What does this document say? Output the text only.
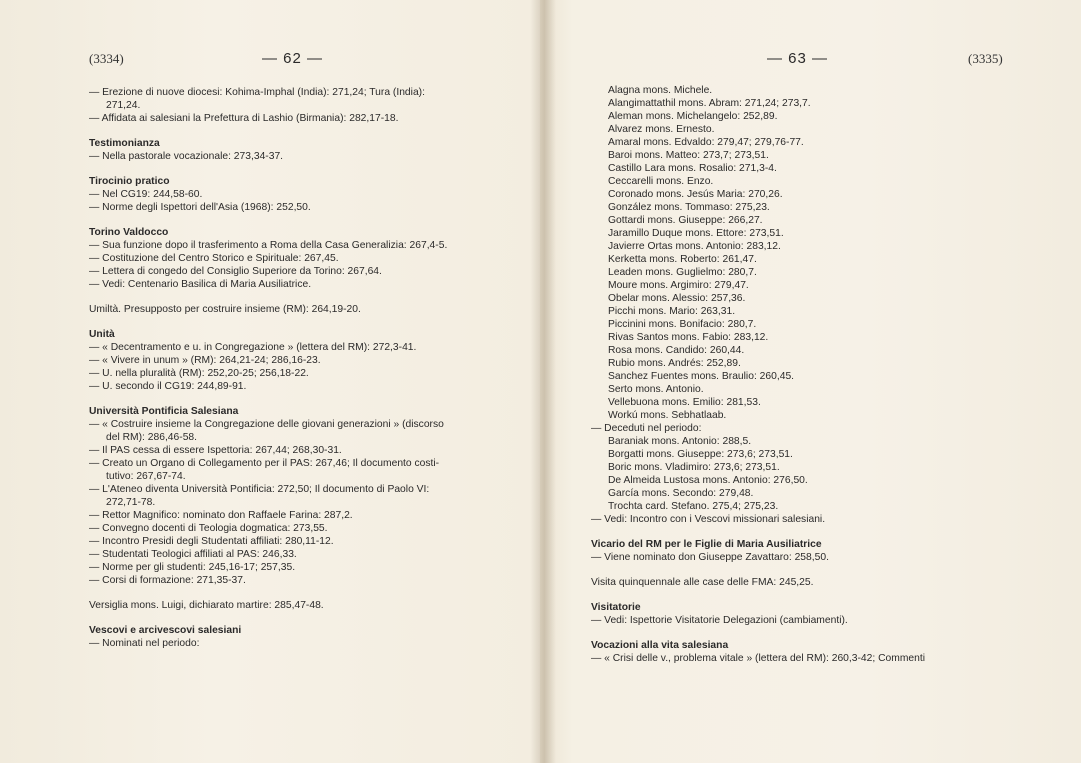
(3334)	— 62 —
— Erezione di nuove diocesi: Kohima-Imphal (India): 271,24; Tura (India):
271,24.
— Affidata ai salesiani la Prefettura di Lashio (Birmania): 282,17-18.
Testimonianza
— Nella pastorale vocazionale: 273,34-37.
Tirocinio pratico
— Nel CG19: 244,58-60.
— Norme degli Ispettori dell'Asia (1968): 252,50.
Torino Valdocco
— Sua funzione dopo il trasferimento a Roma della Casa Generalizia: 267,4-5.
— Costituzione del Centro Storico e Spirituale: 267,45.
— Lettera di congedo del Consiglio Superiore da Torino: 267,64.
— Vedi: Centenario Basilica di Maria Ausiliatrice.
Umiltà. Presupposto per costruire insieme (RM): 264,19-20.
Unità
— « Decentramento e u. in Congregazione » (lettera del RM): 272,3-41.
— « Vivere in unum » (RM): 264,21-24; 286,16-23.
— U. nella pluralità (RM): 252,20-25; 256,18-22.
— U. secondo il CG19: 244,89-91.
Università Pontificia Salesiana
— « Costruire insieme la Congregazione delle giovani generazioni » (discorso
del RM): 286,46-58.
— Il PAS cessa di essere Ispettoria: 267,44; 268,30-31.
— Creato un Organo di Collegamento per il PAS: 267,46; Il documento costi-
tutivo: 267,67-74.
— L'Ateneo diventa Università Pontificia: 272,50; Il documento di Paolo VI:
272,71-78.
— Rettor Magnifico: nominato don Raffaele Farina: 287,2.
— Convegno docenti di Teologia dogmatica: 273,55.
— Incontro Presidi degli Studentati affiliati: 280,11-12.
— Studentati Teologici affiliati al PAS: 246,33.
— Norme per gli studenti: 245,16-17; 257,35.
— Corsi di formazione: 271,35-37.
Versiglia mons. Luigi, dichiarato martire: 285,47-48.
Vescovi e arcivescovi salesiani
— Nominati nel periodo:
— 63 —	(3335)
Alagna mons. Michele.
Alangimattathil mons. Abram: 271,24; 273,7.
Aleman mons. Michelangelo: 252,89.
Alvarez mons. Ernesto.
Amaral mons. Edvaldo: 279,47; 279,76-77.
Baroi mons. Matteo: 273,7; 273,51.
Castillo Lara mons. Rosalio: 271,3-4.
Ceccarelli mons. Enzo.
Coronado mons. Jesús Maria: 270,26.
González mons. Tommaso: 275,23.
Gottardi mons. Giuseppe: 266,27.
Jaramillo Duque mons. Ettore: 273,51.
Javierre Ortas mons. Antonio: 283,12.
Kerketta mons. Roberto: 261,47.
Leaden mons. Guglielmo: 280,7.
Moure mons. Argimiro: 279,47.
Obelar mons. Alessio: 257,36.
Picchi mons. Mario: 263,31.
Piccinini mons. Bonifacio: 280,7.
Rivas Santos mons. Fabio: 283,12.
Rosa mons. Candido: 260,44.
Rubio mons. Andrés: 252,89.
Sanchez Fuentes mons. Braulio: 260,45.
Serto mons. Antonio.
Vellebuona mons. Emilio: 281,53.
Workú mons. Sebhatlaab.
— Deceduti nel periodo:
Baraniak mons. Antonio: 288,5.
Borgatti mons. Giuseppe: 273,6; 273,51.
Boric mons. Vladimiro: 273,6; 273,51.
De Almeida Lustosa mons. Antonio: 276,50.
García mons. Secondo: 279,48.
Trochta card. Stefano. 275,4; 275,23.
— Vedi: Incontro con i Vescovi missionari salesiani.
Vicario del RM per le Figlie di Maria Ausiliatrice
— Viene nominato don Giuseppe Zavattaro: 258,50.
Visita quinquennale alle case delle FMA: 245,25.
Visitatorie
— Vedi: Ispettorie Visitatorie Delegazioni (cambiamenti).
Vocazioni alla vita salesiana
— « Crisi delle v., problema vitale » (lettera del RM): 260,3-42; Commenti
